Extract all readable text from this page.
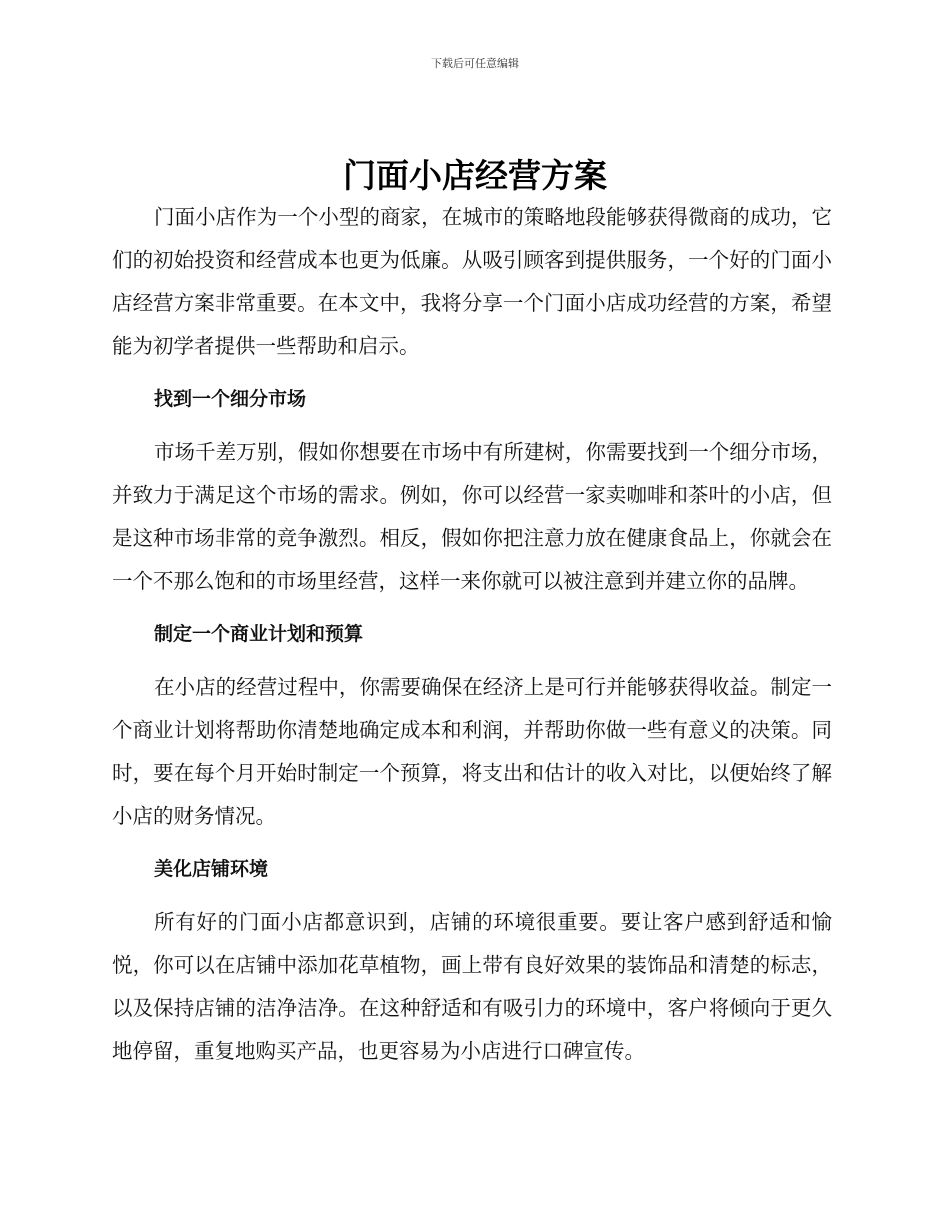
下载后可任意编辑
门面小店经营方案

门面小店作为一个小型的商家，在城市的策略地段能够获得微商的成功，它们的初始投资和经营成本也更为低廉。从吸引顾客到提供服务，一个好的门面小店经营方案非常重要。在本文中，我将分享一个门面小店成功经营的方案，希望能为初学者提供一些帮助和启示。

找到一个细分市场

市场千差万别，假如你想要在市场中有所建树，你需要找到一个细分市场，并致力于满足这个市场的需求。例如，你可以经营一家卖咖啡和茶叶的小店，但是这种市场非常的竞争激烈。相反，假如你把注意力放在健康食品上，你就会在一个不那么饱和的市场里经营，这样一来你就可以被注意到并建立你的品牌。

制定一个商业计划和预算

在小店的经营过程中，你需要确保在经济上是可行并能够获得收益。制定一个商业计划将帮助你清楚地确定成本和利润，并帮助你做一些有意义的决策。同时，要在每个月开始时制定一个预算，将支出和估计的收入对比，以便始终了解小店的财务情况。

美化店铺环境

所有好的门面小店都意识到，店铺的环境很重要。要让客户感到舒适和愉悦，你可以在店铺中添加花草植物，画上带有良好效果的装饰品和清楚的标志，以及保持店铺的洁净洁净。在这种舒适和有吸引力的环境中，客户将倾向于更久地停留，重复地购买产品，也更容易为小店进行口碑宣传。
